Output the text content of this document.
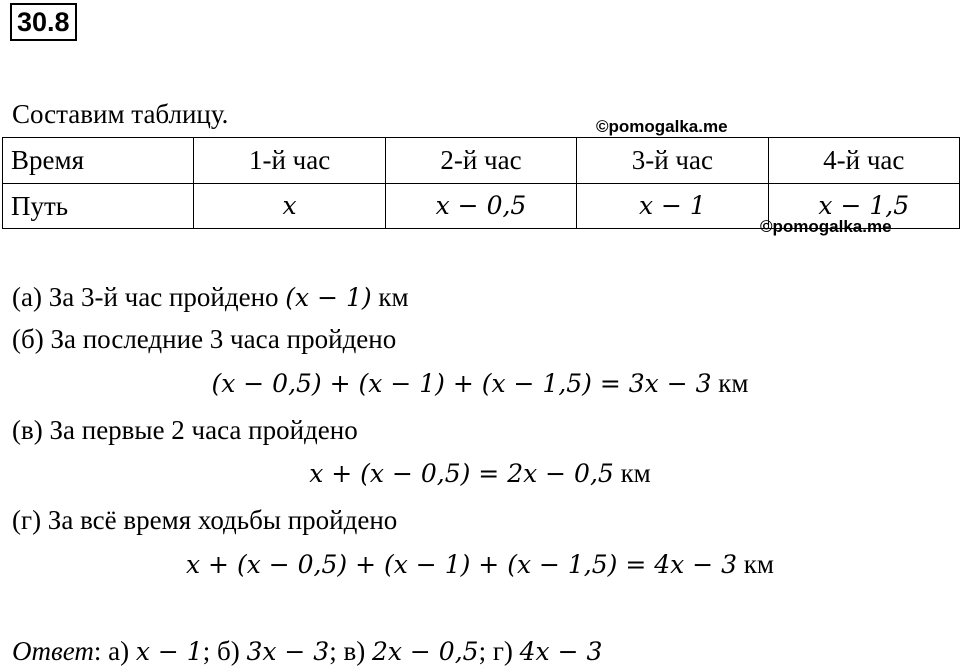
30.8
Составим таблицу.	©pomogalka.me
Время	1-й час	2-й час	3-й час	4-й час
Путь	x	x − 0,5	x − 1	x − 1,5
©pomogalka.me
(а) За 3-й час пройдено (x − 1) км
(б) За последние 3 часа пройдено
(x − 0,5) + (x − 1) + (x − 1,5) = 3x − 3 км
(в) За первые 2 часа пройдено
x + (x − 0,5) = 2x − 0,5 км
(г) За всё время ходьбы пройдено
x + (x − 0,5) + (x − 1) + (x − 1,5) = 4x − 3 км
Ответ: а) x − 1; б) 3x − 3; в) 2x − 0,5; г) 4x − 3
